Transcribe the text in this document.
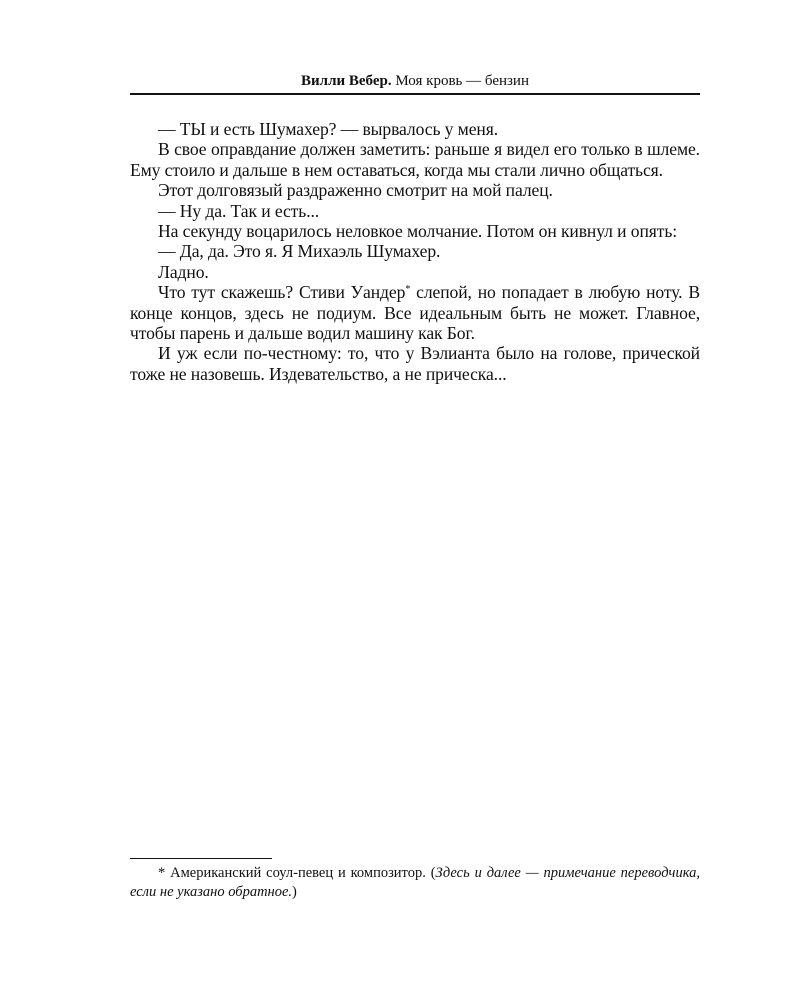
Вилли Вебер. Моя кровь — бензин

— ТЫ и есть Шумахер? — вырвалось у меня.

В свое оправдание должен заметить: раньше я видел его только в шлеме. Ему стоило и дальше в нем оставаться, когда мы стали лично общаться.

Этот долговязый раздраженно смотрит на мой палец.

— Ну да. Так и есть...

На секунду воцарилось неловкое молчание. Потом он кивнул и опять:

— Да, да. Это я. Я Михаэль Шумахер.

Ладно.

Что тут скажешь? Стиви Уандер* слепой, но попадает в любую ноту. В конце концов, здесь не подиум. Все идеальным быть не может. Главное, чтобы парень и дальше водил машину как Бог.

И уж если по-честному: то, что у Вэлианта было на голове, прической тоже не назовешь. Издевательство, а не прическа...

* Американский соул-певец и композитор. (Здесь и далее — примечание переводчика, если не указано обратное.)
